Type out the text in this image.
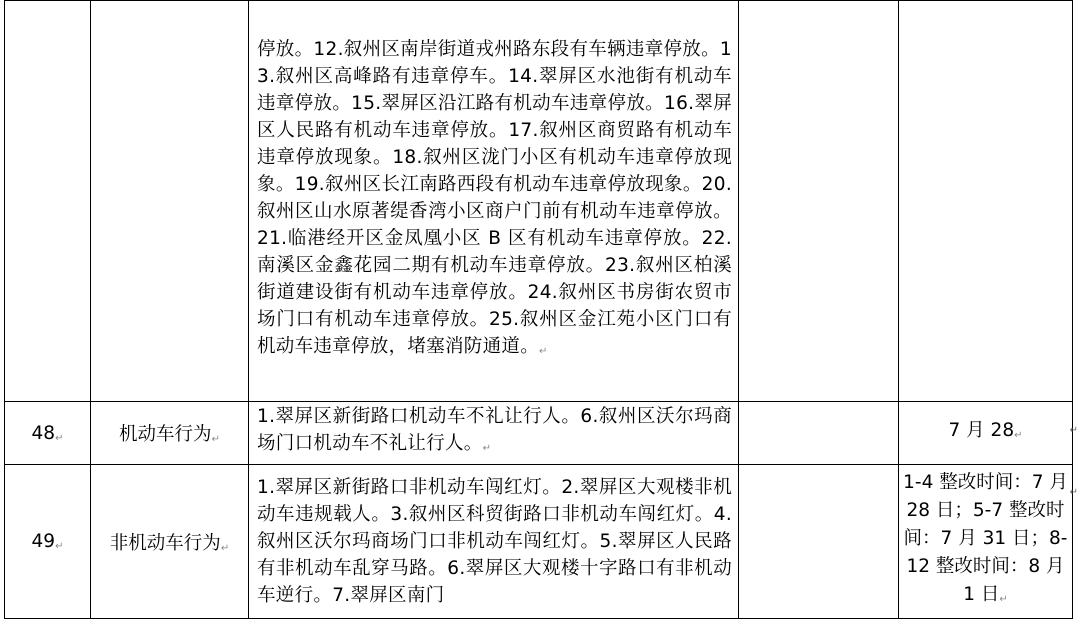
		停放。12.叙州区南岸街道戎州路东段有车辆违章停放。13.叙州区高峰路有违章停车。14.翠屏区水池街有机动车违章停放。15.翠屏区沿江路有机动车违章停放。16.翠屏区人民路有机动车违章停放。17.叙州区商贸路有机动车违章停放现象。18.叙州区泷门小区有机动车违章停放现象。19.叙州区长江南路西段有机动车违章停放现象。20.叙州区山水原著缇香湾小区商户门前有机动车违章停放。21.临港经开区金凤凰小区 B 区有机动车违章停放。22.南溪区金鑫花园二期有机动车违章停放。23.叙州区柏溪街道建设街有机动车违章停放。24.叙州区书房街农贸市场门口有机动车违章停放。25.叙州区金江苑小区门口有机动车违章停放，堵塞消防通道。↵		

48↵	机动车行为↵	1.翠屏区新街路口机动车不礼让行人。6.叙州区沃尔玛商场门口机动车不礼让行人。↵		7 月 28↵
49↵	非机动车行为↵	1.翠屏区新街路口非机动车闯红灯。2.翠屏区大观楼非机动车违规载人。3.叙州区科贸街路口非机动车闯红灯。4.叙州区沃尔玛商场门口非机动车闯红灯。5.翠屏区人民路有非机动车乱穿马路。6.翠屏区大观楼十字路口有非机动车逆行。7.翠屏区南门		1-4 整改时间：7 月 28 日；5-7 整改时间：7 月 31 日；8-12 整改时间：8 月 1 日↵
↵
↵
